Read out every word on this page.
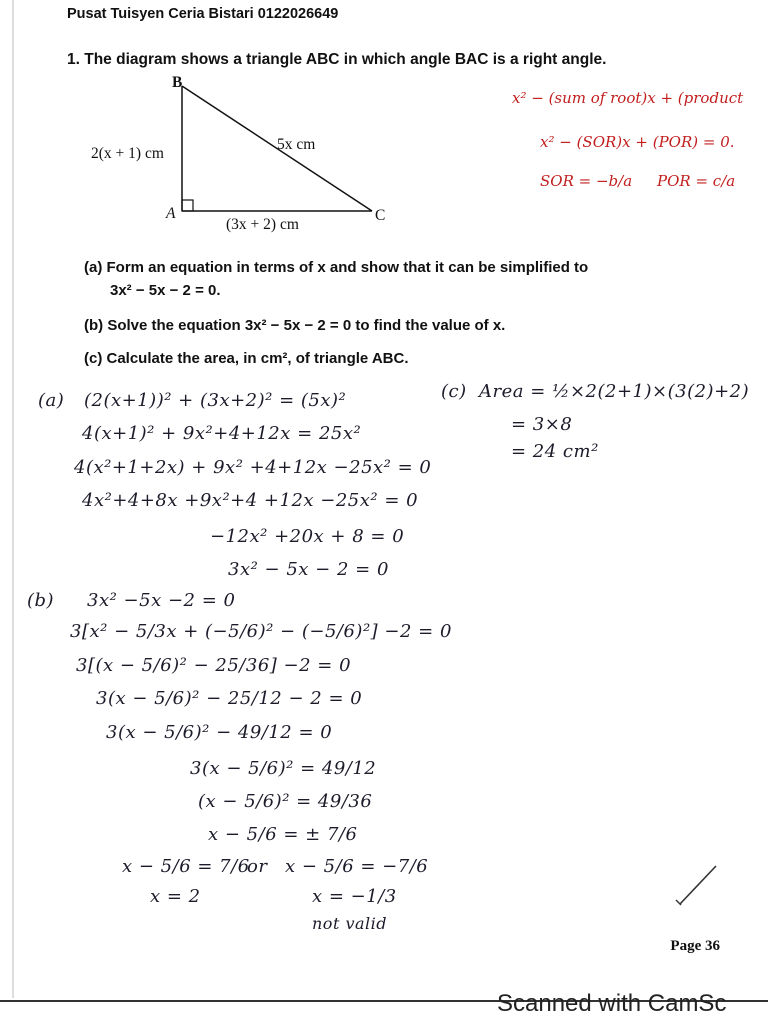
Pusat Tuisyen Ceria Bistari 0122026649
1. The diagram shows a triangle ABC in which angle BAC is a right angle.
B
A	C
2(x + 1) cm
5x cm
(3x + 2) cm
x² − (sum of root)x + (product
x² − (SOR)x + (POR) = 0.
SOR = −b/a POR = c/a
(a) Form an equation in terms of x and show that it can be simplified to
3x² − 5x − 2 = 0.
(b) Solve the equation 3x² − 5x − 2 = 0 to find the value of x.
(c) Calculate the area, in cm², of triangle ABC.
(a) (2(x+1))² + (3x+2)² = (5x)²
4(x+1)² + 9x²+4+12x = 25x²
4(x²+1+2x) + 9x² +4+12x −25x² = 0
4x²+4+8x +9x²+4 +12x −25x² = 0
−12x² +20x + 8 = 0
3x² − 5x − 2 = 0
(c) Area = ½×2(2+1)×(3(2)+2)
= 3×8
= 24 cm²
(b) 3x² −5x −2 = 0
3[x² − 5/3x + (−5/6)² − (−5/6)²] −2 = 0
3[(x − 5/6)² − 25/36] −2 = 0
3(x − 5/6)² − 25/12 − 2 = 0
3(x − 5/6)² − 49/12 = 0
3(x − 5/6)² = 49/12
(x − 5/6)² = 49/36
x − 5/6 = ± 7/6
x − 5/6 = 7/6
or x − 5/6 = −7/6
x = 2	x = −1/3
not valid
Page 36
Scanned with CamSc
